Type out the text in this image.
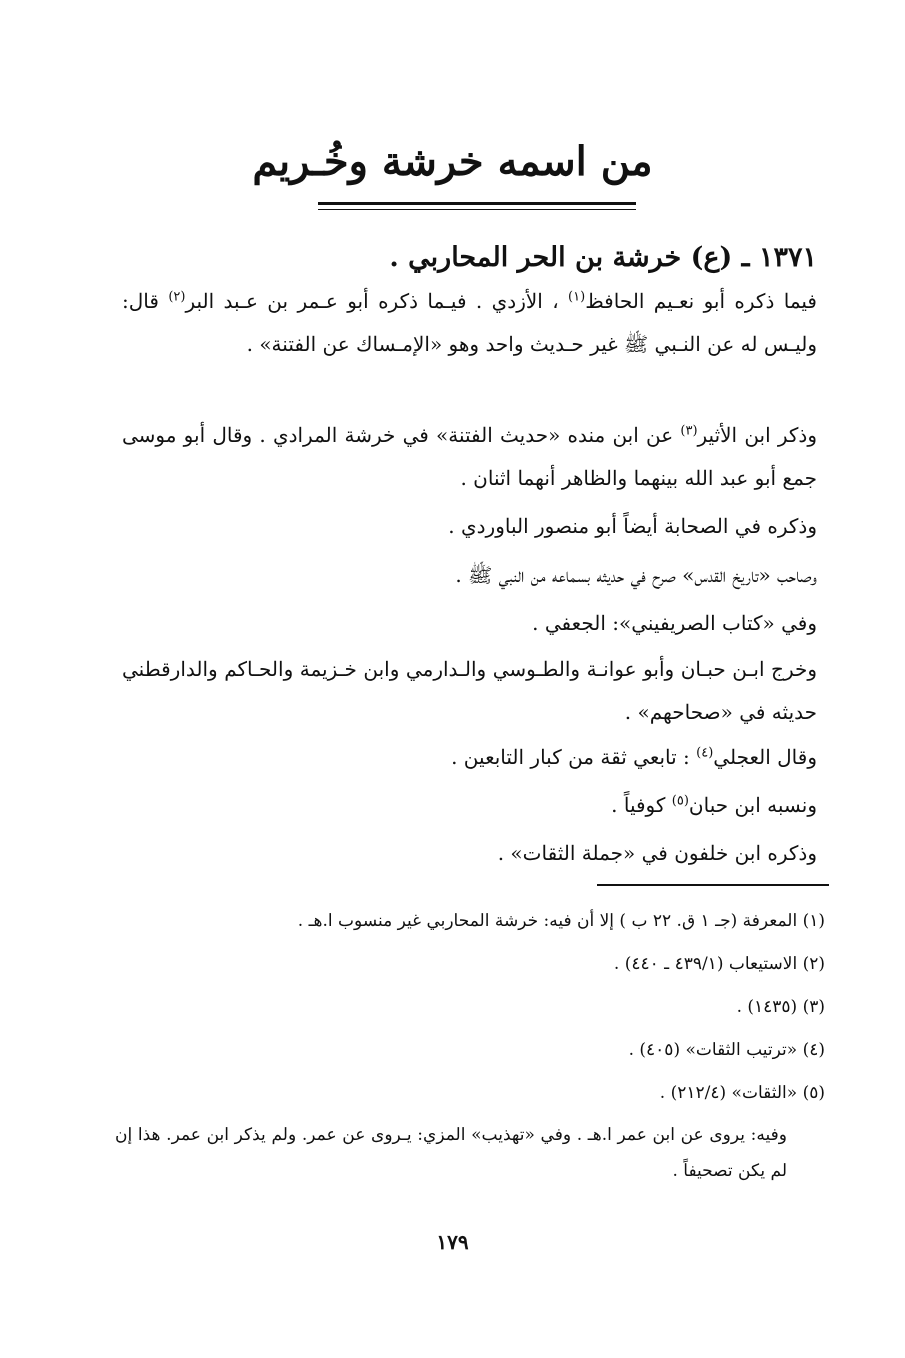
من اسمه خرشة وخُـريم
١٣٧١ ـ (ع) خرشة بن الحر المحاربي .

فيما ذكره أبو نعـيم الحافظ$^{(١)}$ ، الأزدي . فيـما ذكره أبو عـمر بن عـبد البر$^{(٢)}$ قال: وليـس له عن النـبي ﷺ غير حـديث واحد وهو «الإمـساك عن الفتنة» .

وذكر ابن الأثير$^{(٣)}$ عن ابن منده «حديث الفتنة» في خرشة المرادي . وقال أبو موسى جمع أبو عبد الله بينهما والظاهر أنهما اثنان .

وذكره في الصحابة أيضاً أبو منصور الباوردي .
وصاحب «تاريخ القدس» صرح في حديثه بسماعه من النبي ﷺ .
وفي «كتاب الصريفيني»: الجعفي .

وخرج ابـن حبـان وأبو عوانـة والطـوسي والـدارمي وابن خـزيمة والحـاكم والدارقطني حديثه في «صحاحهم» .

وقال العجلي$^{(٤)}$ : تابعي ثقة من كبار التابعين .
ونسبه ابن حبان$^{(٥)}$ كوفياً .
وذكره ابن خلفون في «جملة الثقات» .

(١) المعرفة (جـ ١ ق. ٢٢ ب ) إلا أن فيه: خرشة المحاربي غير منسوب ا.هـ .

(٢) الاستيعاب (٤٣٩/١ ـ ٤٤٠) .

(٣) (١٤٣٥) .

(٤) «ترتيب الثقات» (٤٠٥) .

(٥) «الثقات» (٢١٢/٤) .

وفيه: يروى عن ابن عمر ا.هـ . وفي «تهذيب» المزي: يـروى عن عمر. ولم يذكر ابن عمر. هذا إن لم يكن تصحيفاً .
١٧٩
